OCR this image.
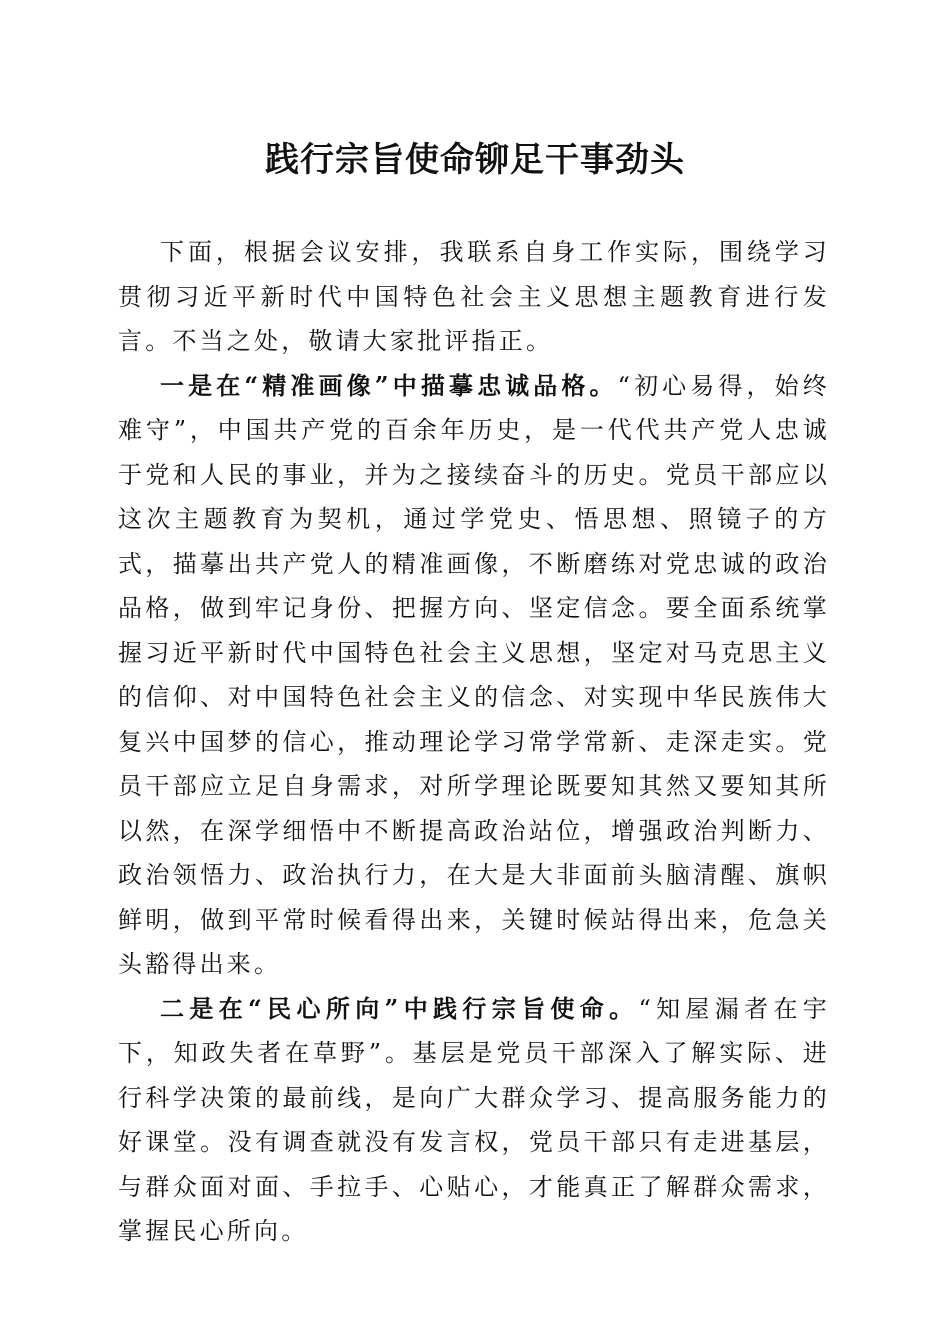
践行宗旨使命铆足干事劲头

下面，根据会议安排，我联系自身工作实际，围绕学习贯彻习近平新时代中国特色社会主义思想主题教育进行发言。不当之处，敬请大家批评指正。

一是在“精准画像”中描摹忠诚品格。“初心易得，始终难守”，中国共产党的百余年历史，是一代代共产党人忠诚于党和人民的事业，并为之接续奋斗的历史。党员干部应以这次主题教育为契机，通过学党史、悟思想、照镜子的方式，描摹出共产党人的精准画像，不断磨练对党忠诚的政治品格，做到牢记身份、把握方向、坚定信念。要全面系统掌握习近平新时代中国特色社会主义思想，坚定对马克思主义的信仰、对中国特色社会主义的信念、对实现中华民族伟大复兴中国梦的信心，推动理论学习常学常新、走深走实。党员干部应立足自身需求，对所学理论既要知其然又要知其所以然，在深学细悟中不断提高政治站位，增强政治判断力、政治领悟力、政治执行力，在大是大非面前头脑清醒、旗帜鲜明，做到平常时候看得出来，关键时候站得出来，危急关头豁得出来。

二是在“民心所向”中践行宗旨使命。“知屋漏者在宇下，知政失者在草野”。基层是党员干部深入了解实际、进行科学决策的最前线，是向广大群众学习、提高服务能力的好课堂。没有调查就没有发言权，党员干部只有走进基层，与群众面对面、手拉手、心贴心，才能真正了解群众需求，掌握民心所向。
